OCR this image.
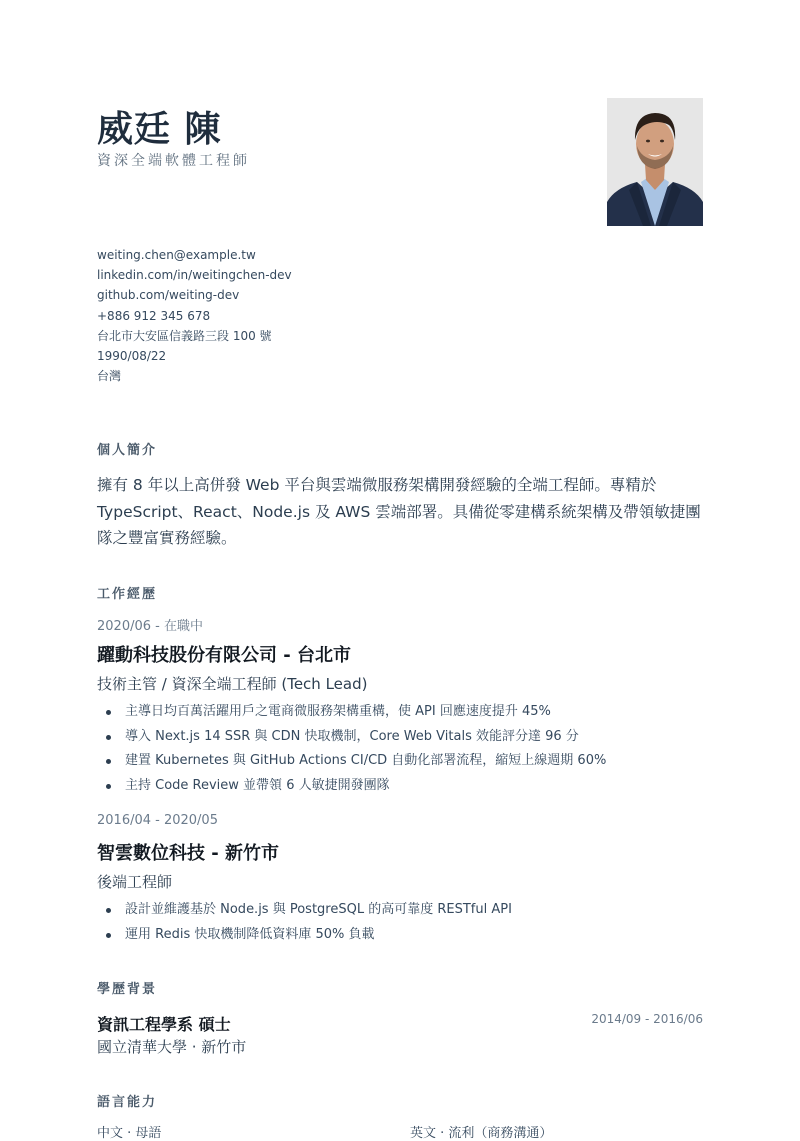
威廷 陳
資深全端軟體工程師
weiting.chen@example.tw
linkedin.com/in/weitingchen-dev
github.com/weiting-dev
+886 912 345 678
台北市大安區信義路三段 100 號
1990/08/22
台灣
個人簡介
擁有 8 年以上高併發 Web 平台與雲端微服務架構開發經驗的全端工程師。專精於 TypeScript、React、Node.js 及 AWS 雲端部署。具備從零建構系統架構及帶領敏捷團隊之豐富實務經驗。
工作經歷
2020/06 - 在職中
躍動科技股份有限公司 - 台北市
技術主管 / 資深全端工程師 (Tech Lead)
主導日均百萬活躍用戶之電商微服務架構重構，使 API 回應速度提升 45%
導入 Next.js 14 SSR 與 CDN 快取機制，Core Web Vitals 效能評分達 96 分
建置 Kubernetes 與 GitHub Actions CI/CD 自動化部署流程，縮短上線週期 60%
主持 Code Review 並帶領 6 人敏捷開發團隊
2016/04 - 2020/05
智雲數位科技 - 新竹市
後端工程師
設計並維護基於 Node.js 與 PostgreSQL 的高可靠度 RESTful API
運用 Redis 快取機制降低資料庫 50% 負載
學歷背景
資訊工程學系 碩士	2014/09 - 2016/06
國立清華大學 · 新竹市
語言能力
中文 · 母語	英文 · 流利（商務溝通）
